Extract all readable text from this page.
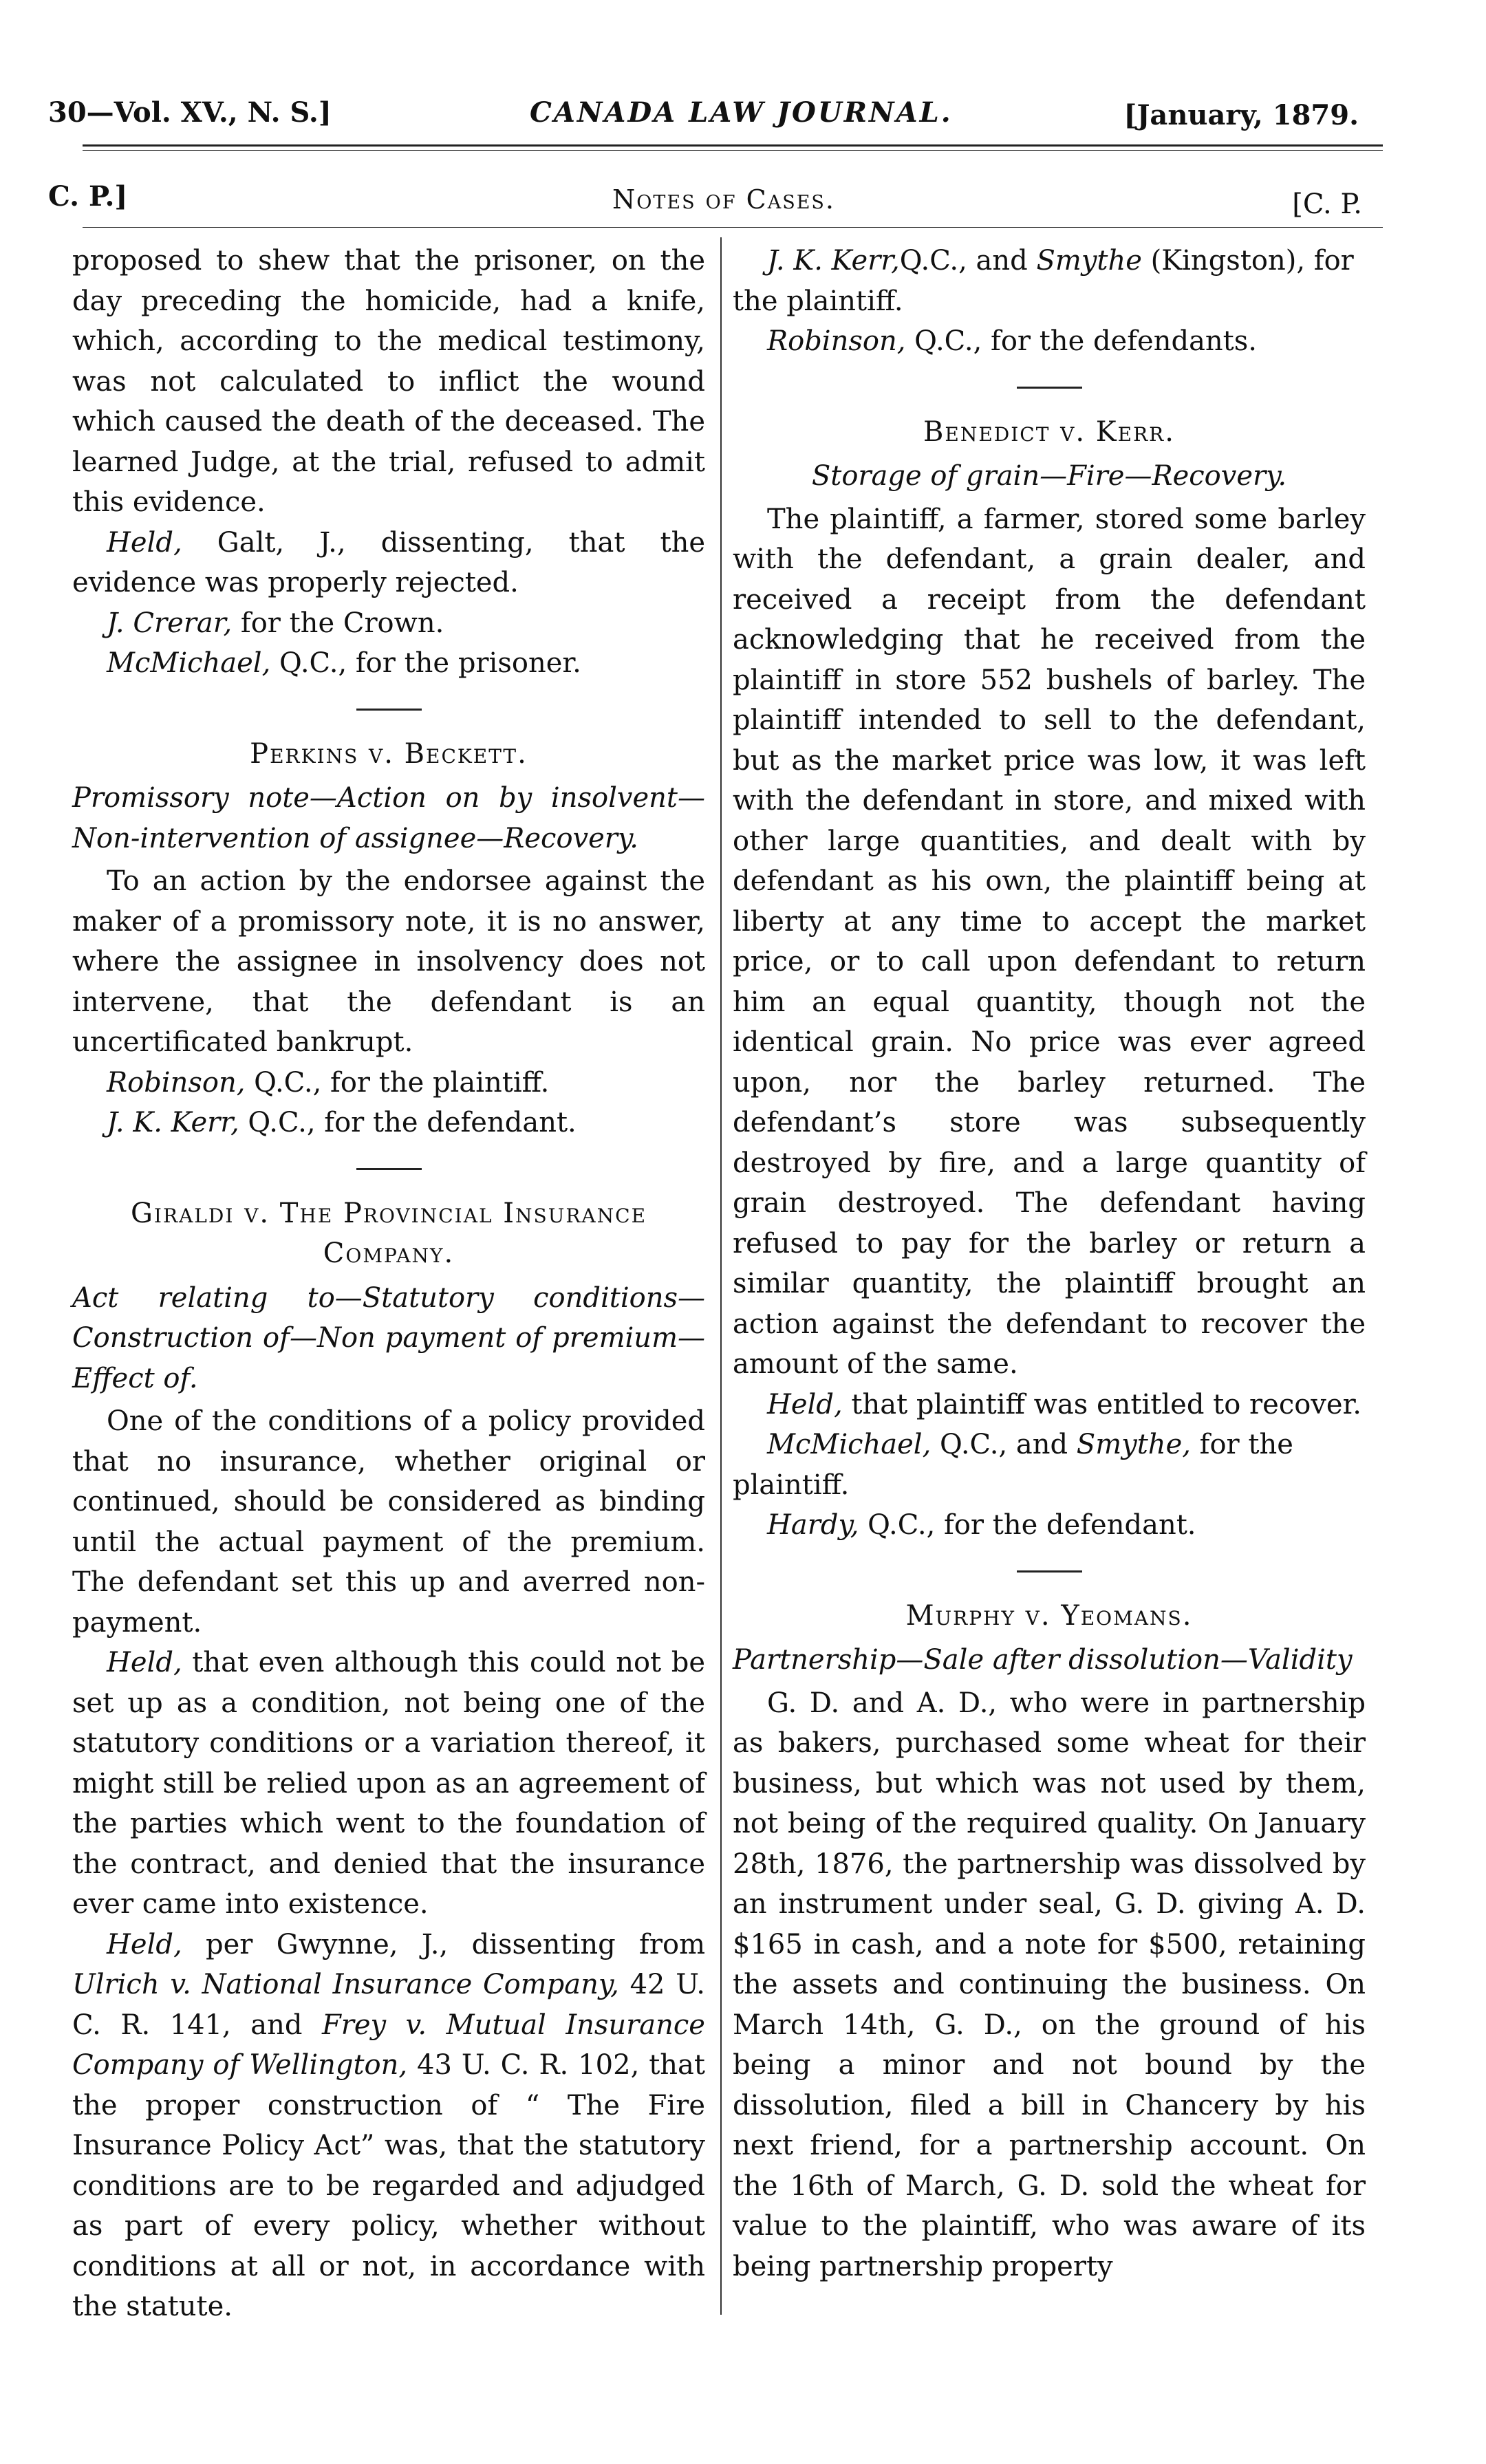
30—Vol. XV., N. S.]	CANADA LAW JOURNAL.	[January, 1879.
C. P.]	Notes of Cases.	[C. P.

proposed to shew that the prisoner, on the day preceding the homicide, had a knife, which, according to the medical testimony, was not calculated to inflict the wound which caused the death of the deceased. The learned Judge, at the trial, refused to admit this evidence.

Held, Galt, J., dissenting, that the evidence was properly rejected.

J. Crerar, for the Crown.

McMichael, Q.C., for the prisoner.

Perkins v. Beckett.

Promissory note—Action on by insolvent—Non-intervention of assignee—Recovery.

To an action by the endorsee against the maker of a promissory note, it is no answer, where the assignee in insolvency does not intervene, that the defendant is an uncertificated bankrupt.

Robinson, Q.C., for the plaintiff.

J. K. Kerr, Q.C., for the defendant.

Giraldi v. The Provincial Insurance Company.

Act relating to—Statutory conditions—Construction of—Non payment of premium—Effect of.

One of the conditions of a policy provided that no insurance, whether original or continued, should be considered as binding until the actual payment of the premium. The defendant set this up and averred non-payment.

Held, that even although this could not be set up as a condition, not being one of the statutory conditions or a variation thereof, it might still be relied upon as an agreement of the parties which went to the foundation of the contract, and denied that the insurance ever came into existence.

Held, per Gwynne, J., dissenting from Ulrich v. National Insurance Company, 42 U. C. R. 141, and Frey v. Mutual Insurance Company of Wellington, 43 U. C. R. 102, that the proper construction of “ The Fire Insurance Policy Act” was, that the statutory conditions are to be regarded and adjudged as part of every policy, whether without conditions at all or not, in accordance with the statute.

J. K. Kerr,Q.C., and Smythe (Kingston), for the plaintiff.

Robinson, Q.C., for the defendants.

Benedict v. Kerr.

Storage of grain—Fire—Recovery.

The plaintiff, a farmer, stored some barley with the defendant, a grain dealer, and received a receipt from the defendant acknowledging that he received from the plaintiff in store 552 bushels of barley. The plaintiff intended to sell to the defendant, but as the market price was low, it was left with the defendant in store, and mixed with other large quantities, and dealt with by defendant as his own, the plaintiff being at liberty at any time to accept the market price, or to call upon defendant to return him an equal quantity, though not the identical grain. No price was ever agreed upon, nor the barley returned. The defendant’s store was subsequently destroyed by fire, and a large quantity of grain destroyed. The defendant having refused to pay for the barley or return a similar quantity, the plaintiff brought an action against the defendant to recover the amount of the same.

Held, that plaintiff was entitled to recover.

McMichael, Q.C., and Smythe, for the plaintiff.

Hardy, Q.C., for the defendant.

Murphy v. Yeomans.

Partnership—Sale after dissolution—Validity

G. D. and A. D., who were in partnership as bakers, purchased some wheat for their business, but which was not used by them, not being of the required quality. On January 28th, 1876, the partnership was dissolved by an instrument under seal, G. D. giving A. D. $165 in cash, and a note for $500, retaining the assets and continuing the business. On March 14th, G. D., on the ground of his being a minor and not bound by the dissolution, filed a bill in Chancery by his next friend, for a partnership account. On the 16th of March, G. D. sold the wheat for value to the plaintiff, who was aware of its being partnership property
